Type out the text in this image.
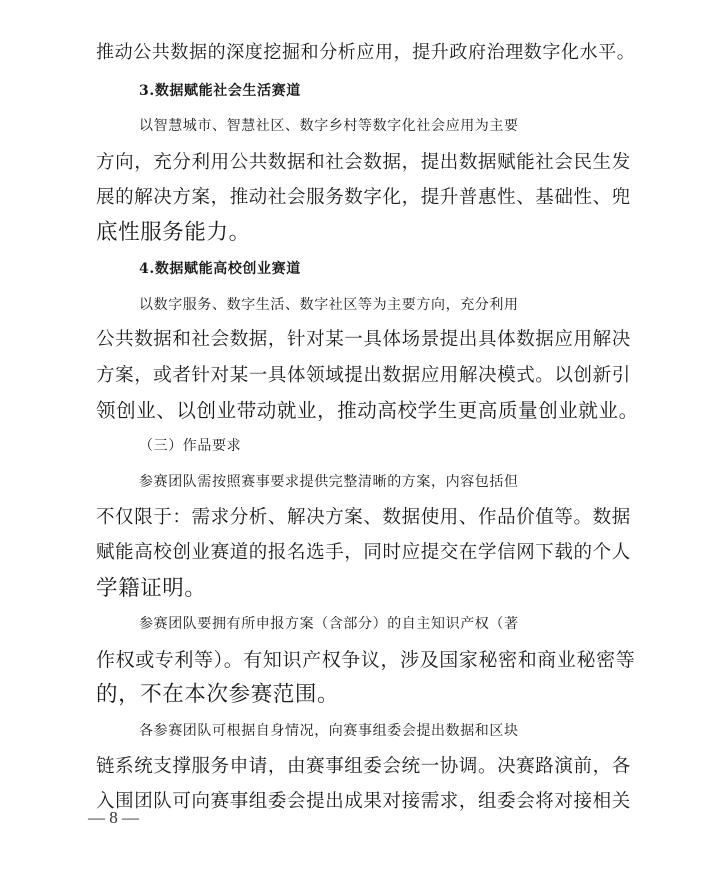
推动公共数据的深度挖掘和分析应用，提升政府治理数字化水平。
3.数据赋能社会生活赛道
以智慧城市、智慧社区、数字乡村等数字化社会应用为主要
方向，充分利用公共数据和社会数据，提出数据赋能社会民生发
展的解决方案，推动社会服务数字化，提升普惠性、基础性、兜
底性服务能力。
4.数据赋能高校创业赛道
以数字服务、数字生活、数字社区等为主要方向，充分利用
公共数据和社会数据，针对某一具体场景提出具体数据应用解决
方案，或者针对某一具体领域提出数据应用解决模式。以创新引
领创业、以创业带动就业，推动高校学生更高质量创业就业。
（三）作品要求
参赛团队需按照赛事要求提供完整清晰的方案，内容包括但
不仅限于：需求分析、解决方案、数据使用、作品价值等。数据
赋能高校创业赛道的报名选手，同时应提交在学信网下载的个人
学籍证明。
参赛团队要拥有所申报方案（含部分）的自主知识产权（著
作权或专利等）。有知识产权争议，涉及国家秘密和商业秘密等
的，不在本次参赛范围。
各参赛团队可根据自身情况，向赛事组委会提出数据和区块
链系统支撑服务申请，由赛事组委会统一协调。决赛路演前，各
入围团队可向赛事组委会提出成果对接需求，组委会将对接相关
— 8 —
